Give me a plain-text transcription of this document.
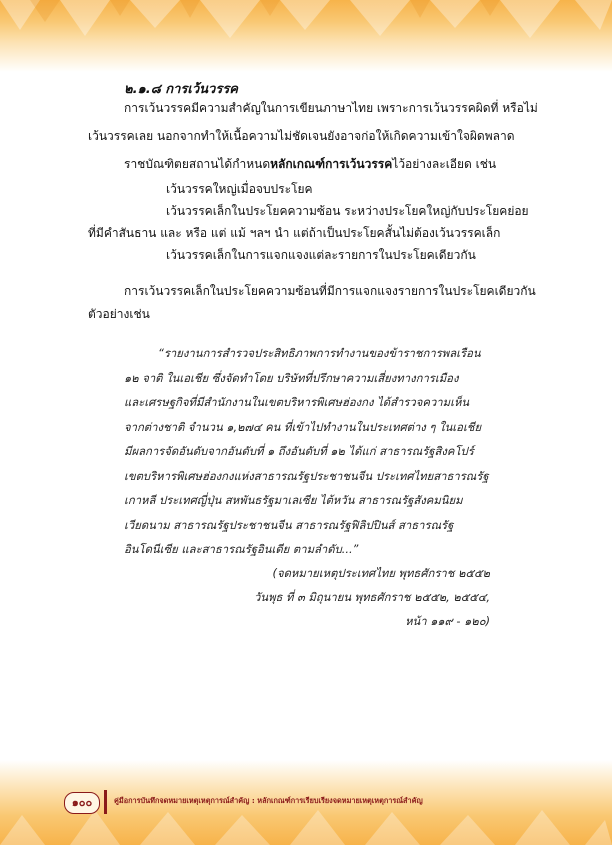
๒.๑.๘ การเว้นวรรค
การเว้นวรรคมีความสำคัญในการเขียนภาษาไทย เพราะการเว้นวรรคผิดที่ หรือไม่
เว้นวรรคเลย นอกจากทำให้เนื้อความไม่ชัดเจนยังอาจก่อให้เกิดความเข้าใจผิดพลาด
ราชบัณฑิตยสถานได้กำหนดหลักเกณฑ์การเว้นวรรคไว้อย่างละเอียด เช่น
เว้นวรรคใหญ่เมื่อจบประโยค
เว้นวรรคเล็กในประโยคความซ้อน ระหว่างประโยคใหญ่กับประโยคย่อย
ที่มีคำสันธาน และ หรือ แต่ แม้ ฯลฯ นำ แต่ถ้าเป็นประโยคสั้นไม่ต้องเว้นวรรคเล็ก
เว้นวรรคเล็กในการแจกแจงแต่ละรายการในประโยคเดียวกัน
การเว้นวรรคเล็กในประโยคความซ้อนที่มีการแจกแจงรายการในประโยคเดียวกัน
ตัวอย่างเช่น
“รายงานการสำรวจประสิทธิภาพการทำงานของข้าราชการพลเรือน
๑๒ จาติ ในเอเชีย ซึ่งจัดทำโดย บริษัทที่ปรึกษาความเสี่ยงทางการเมือง
และเศรษฐกิจที่มีสำนักงานในเขตบริหารพิเศษฮ่องกง ได้สำรวจความเห็น
จากต่างชาติ จำนวน ๑,๒๗๔ คน ที่เข้าไปทำงานในประเทศต่าง ๆ ในเอเชีย
มีผลการจัดอันดับจากอันดับที่ ๑ ถึงอันดับที่ ๑๒ ได้แก่ สาธารณรัฐสิงคโปร์
เขตบริหารพิเศษฮ่องกงแห่งสาธารณรัฐประชาชนจีน ประเทศไทยสาธารณรัฐ
เกาหลี ประเทศญี่ปุ่น สหพันธรัฐมาเลเซีย ไต้หวัน สาธารณรัฐสังคมนิยม
เวียดนาม สาธารณรัฐประชาชนจีน สาธารณรัฐฟิลิปปินส์ สาธารณรัฐ
อินโดนีเซีย และสาธารณรัฐอินเดีย ตามลำดับ...”
(จดหมายเหตุประเทศไทย พุทธศักราช ๒๕๕๒
วันพุธ ที่ ๓ มิถุนายน พุทธศักราช ๒๕๕๒, ๒๕๕๔,
หน้า ๑๑๙ - ๑๒๐)
๑๐๐	คู่มือการบันทึกจดหมายเหตุเหตุการณ์สำคัญ : หลักเกณฑ์การเรียบเรียงจดหมายเหตุเหตุการณ์สำคัญ
